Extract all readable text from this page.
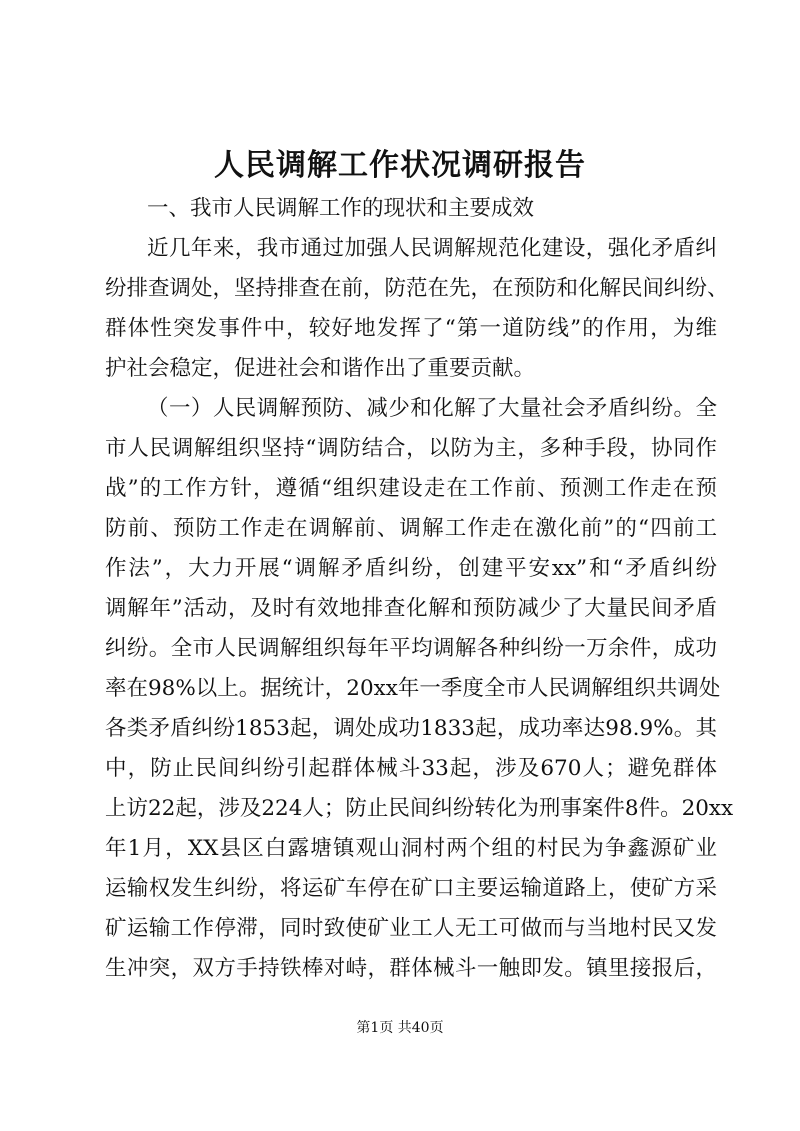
人民调解工作状况调研报告
一、我市人民调解工作的现状和主要成效
近几年来，我市通过加强人民调解规范化建设，强化矛盾纠
纷排查调处，坚持排查在前，防范在先，在预防和化解民间纠纷、
群体性突发事件中，较好地发挥了“第一道防线”的作用，为维
护社会稳定，促进社会和谐作出了重要贡献。
（一）人民调解预防、减少和化解了大量社会矛盾纠纷。全
市人民调解组织坚持“调防结合，以防为主，多种手段，协同作
战”的工作方针，遵循“组织建设走在工作前、预测工作走在预
防前、预防工作走在调解前、调解工作走在激化前”的“四前工
作法”，大力开展“调解矛盾纠纷，创建平安xx”和“矛盾纠纷
调解年”活动，及时有效地排查化解和预防减少了大量民间矛盾
纠纷。全市人民调解组织每年平均调解各种纠纷一万余件，成功
率在98%以上。据统计，20xx年一季度全市人民调解组织共调处
各类矛盾纠纷1853起，调处成功1833起，成功率达98.9%。其
中，防止民间纠纷引起群体械斗33起，涉及670人；避免群体
上访22起，涉及224人；防止民间纠纷转化为刑事案件8件。20xx
年1月，XX县区白露塘镇观山洞村两个组的村民为争鑫源矿业
运输权发生纠纷，将运矿车停在矿口主要运输道路上，使矿方采
矿运输工作停滞，同时致使矿业工人无工可做而与当地村民又发
生冲突，双方手持铁棒对峙，群体械斗一触即发。镇里接报后，
第1页 共40页
